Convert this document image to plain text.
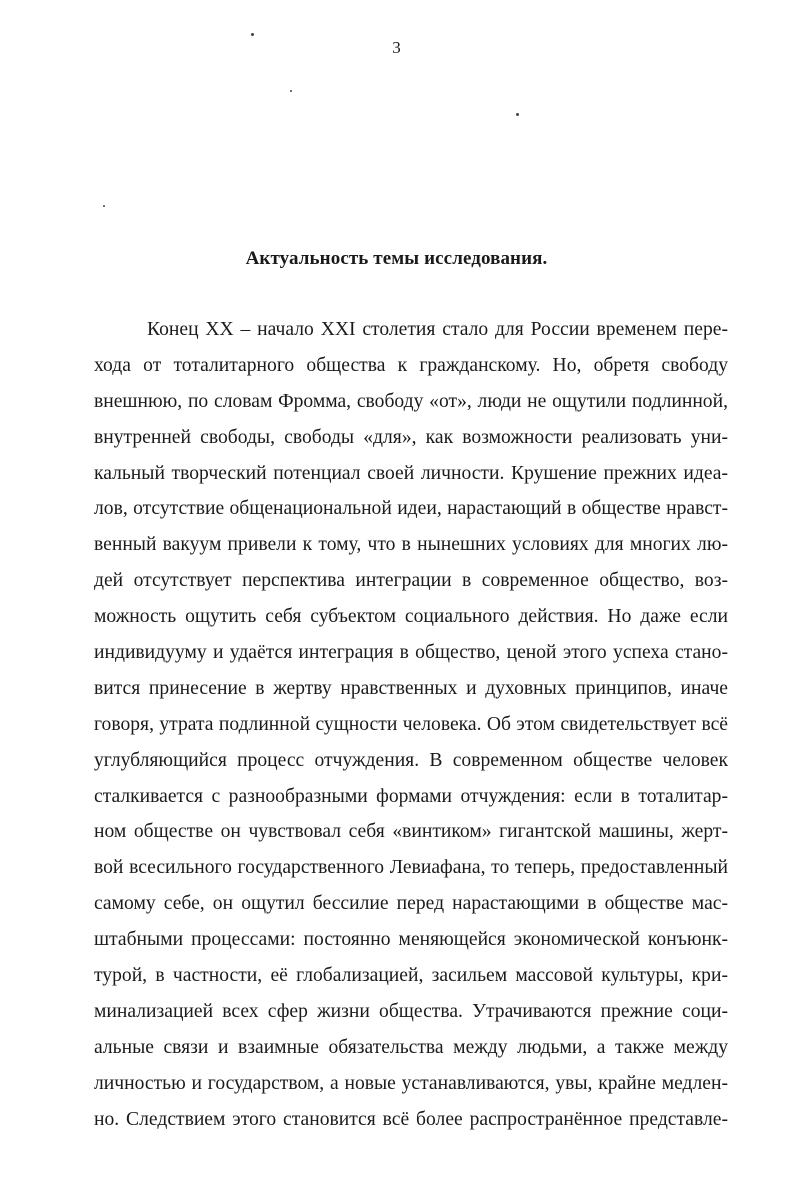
3
Актуальность темы исследования.
Конец XX – начало XXI столетия стало для России временем пере-
хода от тоталитарного общества к гражданскому. Но, обретя свободу
внешнюю, по словам Фромма, свободу «от», люди не ощутили подлинной,
внутренней свободы, свободы «для», как возможности реализовать уни-
кальный творческий потенциал своей личности. Крушение прежних идеа-
лов, отсутствие общенациональной идеи, нарастающий в обществе нравст-
венный вакуум привели к тому, что в нынешних условиях для многих лю-
дей отсутствует перспектива интеграции в современное общество, воз-
можность ощутить себя субъектом социального действия. Но даже если
индивидууму и удаётся интеграция в общество, ценой этого успеха стано-
вится принесение в жертву нравственных и духовных принципов, иначе
говоря, утрата подлинной сущности человека. Об этом свидетельствует всё
углубляющийся процесс отчуждения. В современном обществе человек
сталкивается с разнообразными формами отчуждения: если в тоталитар-
ном обществе он чувствовал себя «винтиком» гигантской машины, жерт-
вой всесильного государственного Левиафана, то теперь, предоставленный
самому себе, он ощутил бессилие перед нарастающими в обществе мас-
штабными процессами: постоянно меняющейся экономической конъюнк-
турой, в частности, её глобализацией, засильем массовой культуры, кри-
минализацией всех сфер жизни общества. Утрачиваются прежние соци-
альные связи и взаимные обязательства между людьми, а также между
личностью и государством, а новые устанавливаются, увы, крайне медлен-
но. Следствием этого становится всё более распространённое представле-
